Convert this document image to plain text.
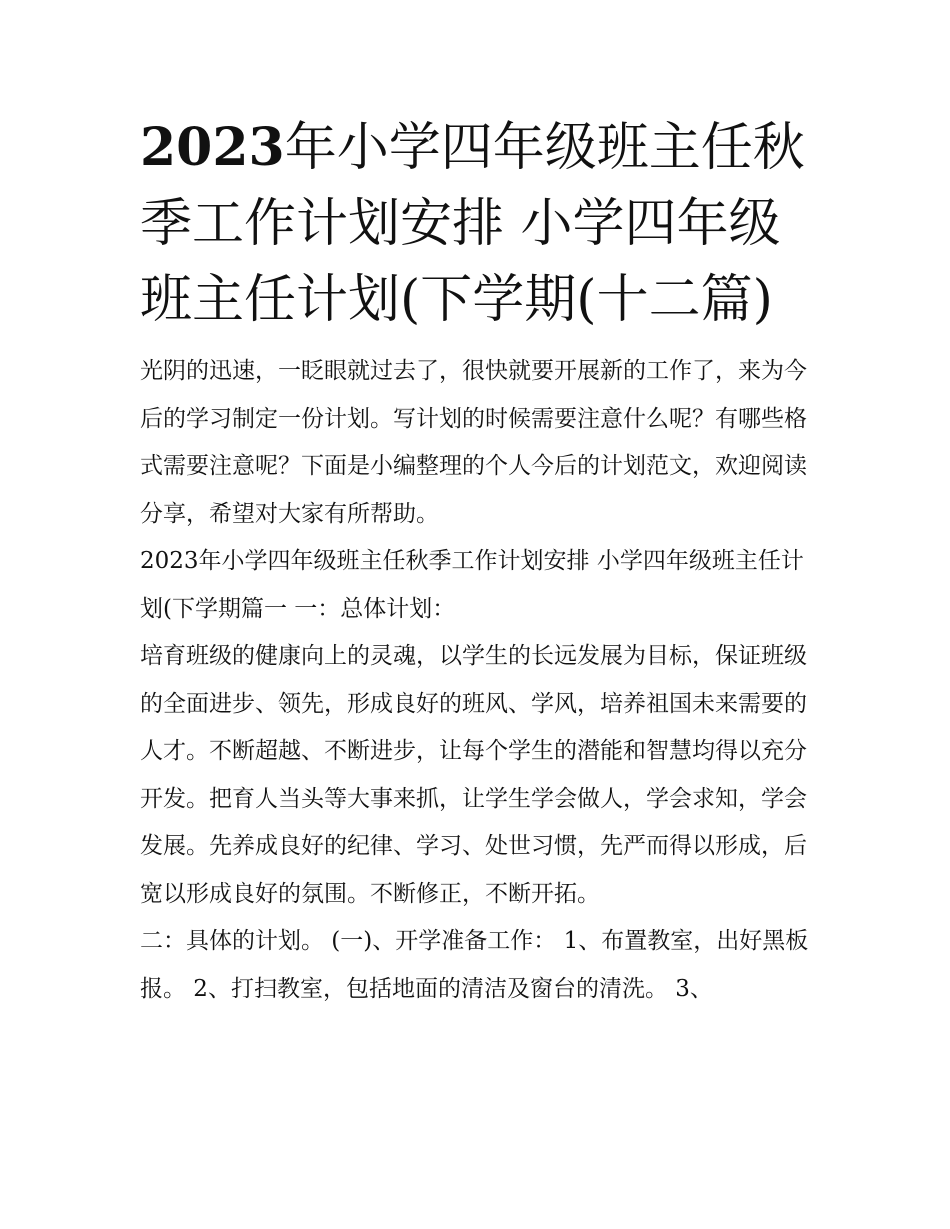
2023年小学四年级班主任秋季工作计划安排 小学四年级班主任计划(下学期(十二篇)

光阴的迅速，一眨眼就过去了，很快就要开展新的工作了，来为今后的学习制定一份计划。写计划的时候需要注意什么呢？有哪些格式需要注意呢？下面是小编整理的个人今后的计划范文，欢迎阅读分享，希望对大家有所帮助。

2023年小学四年级班主任秋季工作计划安排 小学四年级班主任计划(下学期篇一 一：总体计划：

培育班级的健康向上的灵魂，以学生的长远发展为目标，保证班级的全面进步、领先，形成良好的班风、学风，培养祖国未来需要的人才。不断超越、不断进步，让每个学生的潜能和智慧均得以充分开发。把育人当头等大事来抓，让学生学会做人，学会求知，学会发展。先养成良好的纪律、学习、处世习惯，先严而得以形成，后宽以形成良好的氛围。不断修正，不断开拓。

二：具体的计划。 (一)、开学准备工作： 1、布置教室，出好黑板报。 2、打扫教室，包括地面的清洁及窗台的清洗。 3、
